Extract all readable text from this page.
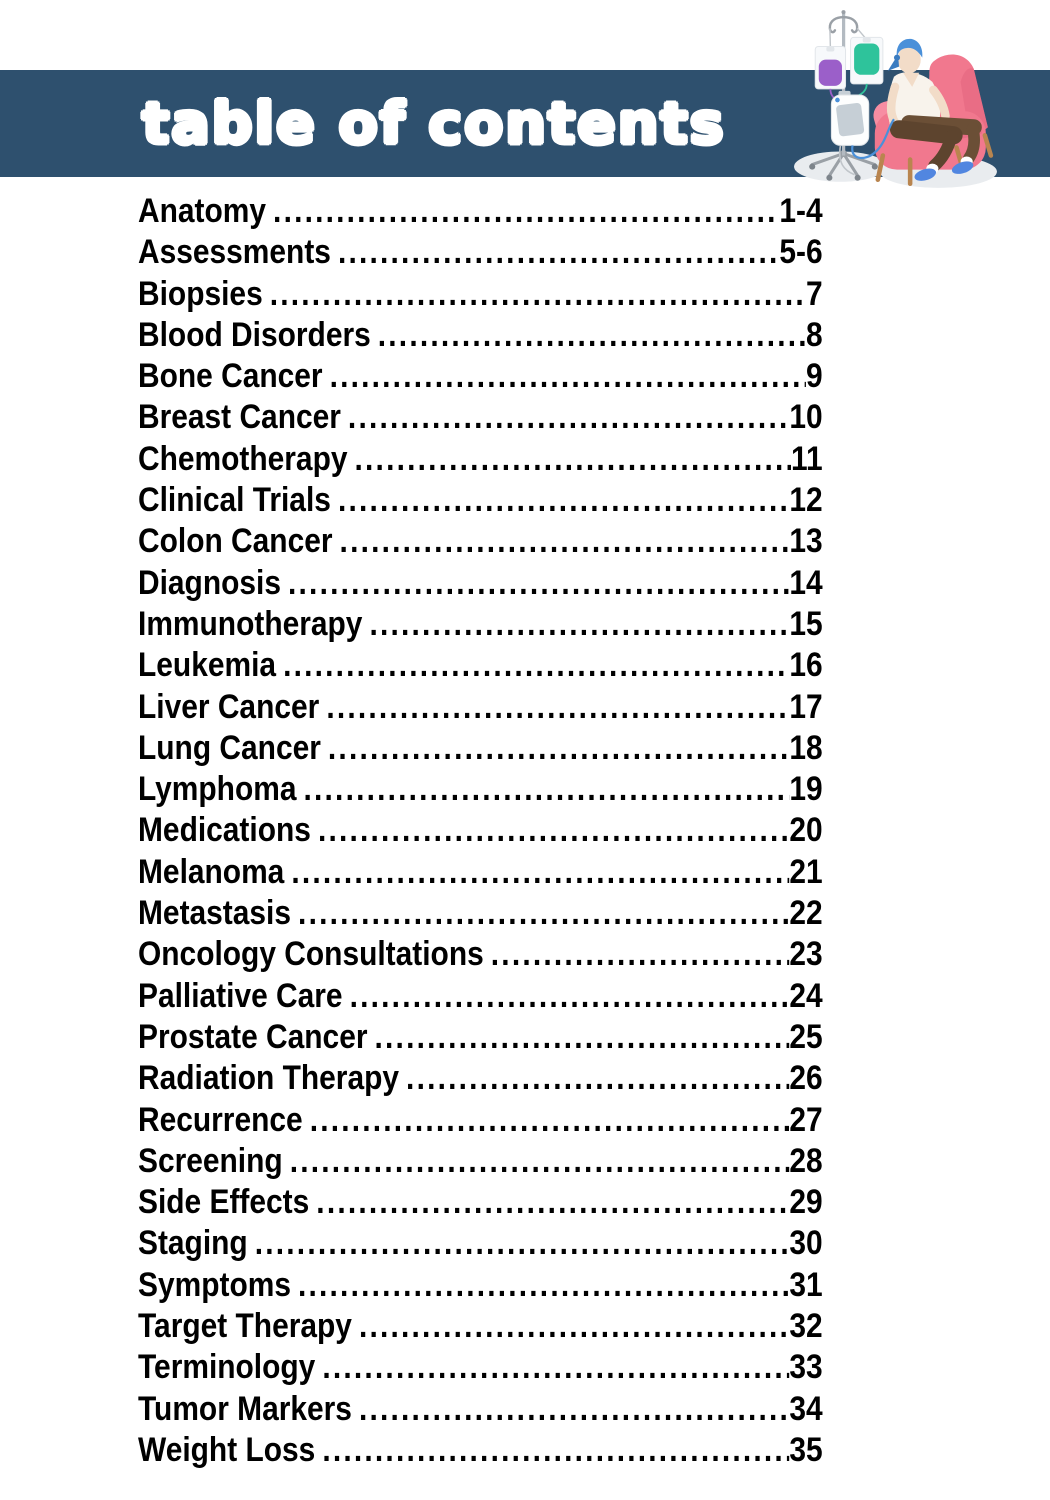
table of contents
Anatomy .....	1-4
Assessments .....	5-6
Biopsies .....	7
Blood Disorders .....	8
Bone Cancer .....	9
Breast Cancer .....	10
Chemotherapy .....	11
Clinical Trials .....	12
Colon Cancer .....	13
Diagnosis .....	14
Immunotherapy .....	15
Leukemia .....	16
Liver Cancer .....	17
Lung Cancer .....	18
Lymphoma .....	19
Medications .....	20
Melanoma .....	21
Metastasis .....	22
Oncology Consultations .....	23
Palliative Care .....	24
Prostate Cancer .....	25
Radiation Therapy .....	26
Recurrence .....	27
Screening .....	28
Side Effects .....	29
Staging .....	30
Symptoms .....	31
Target Therapy .....	32
Terminology .....	33
Tumor Markers .....	34
Weight Loss .....	35
